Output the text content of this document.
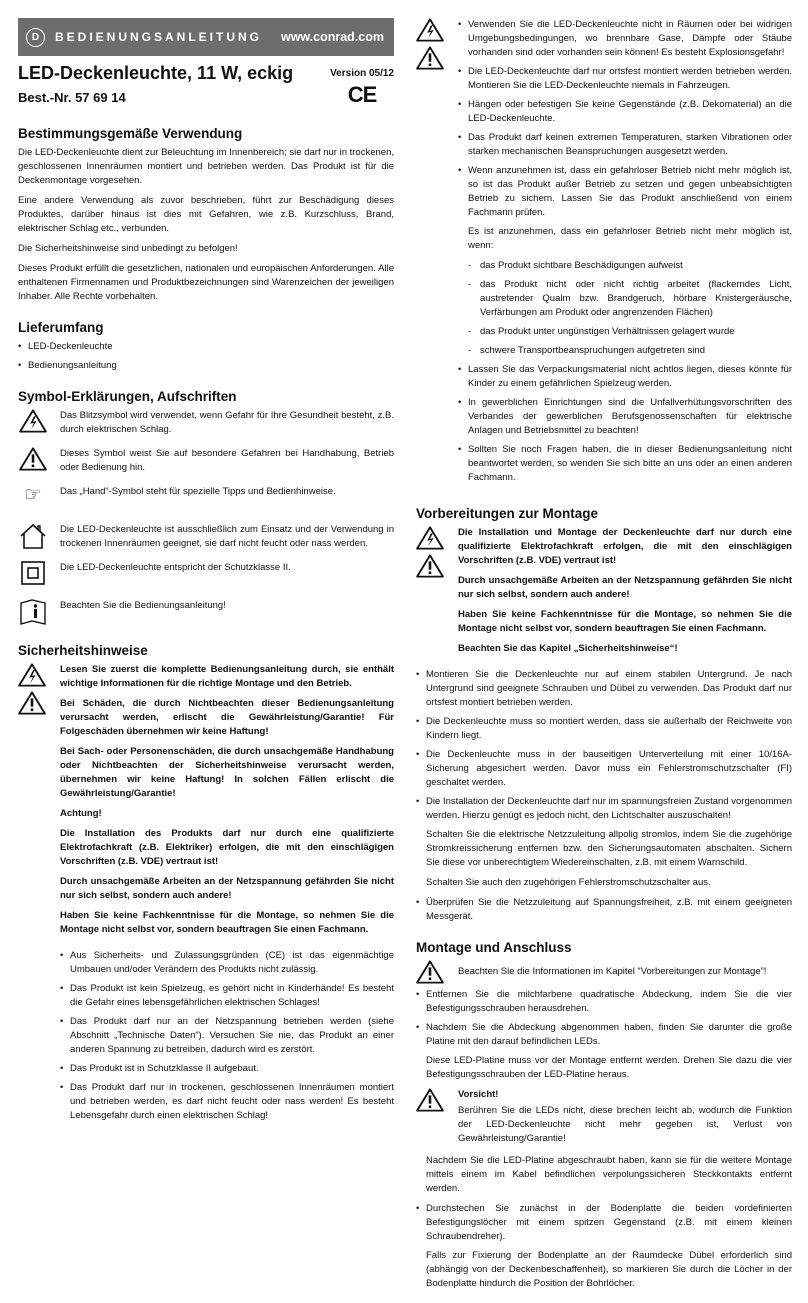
D	BEDIENUNGSANLEITUNG	www.conrad.com

LED-Deckenleuchte, 11 W, eckig

Best.-Nr. 57 69 14

Version 05/12
CE
Bestimmungsgemäße Verwendung

Die LED-Deckenleuchte dient zur Beleuchtung im Innenbereich; sie darf nur in trockenen, geschlossenen Innenräumen montiert und betrieben werden. Das Produkt ist für die Deckenmontage vorgesehen.

Eine andere Verwendung als zuvor beschrieben, führt zur Beschädigung dieses Produktes, darüber hinaus ist dies mit Gefahren, wie z.B. Kurzschluss, Brand, elektrischer Schlag etc., verbunden.

Die Sicherheitshinweise sind unbedingt zu befolgen!

Dieses Produkt erfüllt die gesetzlichen, nationalen und europäischen Anforderungen. Alle enthaltenen Firmennamen und Produktbezeichnungen sind Warenzeichen der jeweiligen Inhaber. Alle Rechte vorbehalten.

Lieferumfang
• LED-Deckenleuchte
• Bedienungsanleitung
Symbol-Erklärungen, Aufschriften

Das Blitzsymbol wird verwendet, wenn Gefahr für Ihre Gesundheit besteht, z.B. durch elektrischen Schlag.

Dieses Symbol weist Sie auf besondere Gefahren bei Handhabung, Betrieb oder Bedienung hin.

☞	Das „Hand“-Symbol steht für spezielle Tipps und Bedienhinweise.

Die LED-Deckenleuchte ist ausschließlich zum Einsatz und der Verwendung in trockenen Innenräumen geeignet, sie darf nicht feucht oder nass werden.

Die LED-Deckenleuchte entspricht der Schutzklasse II.

Beachten Sie die Bedienungsanleitung!

Sicherheitshinweise

Lesen Sie zuerst die komplette Bedienungsanleitung durch, sie enthält wichtige Informationen für die richtige Montage und den Betrieb.

Bei Schäden, die durch Nichtbeachten dieser Bedienungsanleitung verursacht werden, erlischt die Gewährleistung/Garantie! Für Folgeschäden übernehmen wir keine Haftung!

Bei Sach- oder Personenschäden, die durch unsachgemäße Handhabung oder Nichtbeachten der Sicherheitshinweise verursacht werden, übernehmen wir keine Haftung! In solchen Fällen erlischt die Gewährleistung/Garantie!

Achtung!

Die Installation des Produkts darf nur durch eine qualifizierte Elektrofachkraft (z.B. Elektriker) erfolgen, die mit den einschlägigen Vorschriften (z.B. VDE) vertraut ist!

Durch unsachgemäße Arbeiten an der Netzspannung gefährden Sie nicht nur sich selbst, sondern auch andere!

Haben Sie keine Fachkenntnisse für die Montage, so nehmen Sie die Montage nicht selbst vor, sondern beauftragen Sie einen Fachmann.

• Aus Sicherheits- und Zulassungsgründen (CE) ist das eigenmächtige Umbauen und/oder Verändern des Produkts nicht zulässig.
• Das Produkt ist kein Spielzeug, es gehört nicht in Kinderhände! Es besteht die Gefahr eines lebensgefährlichen elektrischen Schlages!
• Das Produkt darf nur an der Netzspannung betrieben werden (siehe Abschnitt „Technische Daten“). Versuchen Sie nie, das Produkt an einer anderen Spannung zu betreiben, dadurch wird es zerstört.
• Das Produkt ist in Schutzklasse II aufgebaut.
• Das Produkt darf nur in trockenen, geschlossenen Innenräumen montiert und betrieben werden, es darf nicht feucht oder nass werden! Es besteht Lebensgefahr durch einen elektrischen Schlag!
• Verwenden Sie die LED-Deckenleuchte nicht in Räumen oder bei widrigen Umgebungsbedingungen, wo brennbare Gase, Dämpfe oder Stäube vorhanden sind oder vorhanden sein können! Es besteht Explosionsgefahr!
• Die LED-Deckenleuchte darf nur ortsfest montiert werden betrieben werden. Montieren Sie die LED-Deckenleuchte niemals in Fahrzeugen.
• Hängen oder befestigen Sie keine Gegenstände (z.B. Dekomaterial) an die LED-Deckenleuchte.
• Das Produkt darf keinen extremen Temperaturen, starken Vibrationen oder starken mechanischen Beanspruchungen ausgesetzt werden.
• Wenn anzunehmen ist, dass ein gefahrloser Betrieb nicht mehr möglich ist, so ist das Produkt außer Betrieb zu setzen und gegen unbeabsichtigten Betrieb zu sichern. Lassen Sie das Produkt anschließend von einem Fachmann prüfen.

Es ist anzunehmen, dass ein gefahrloser Betrieb nicht mehr möglich ist, wenn:

- das Produkt sichtbare Beschädigungen aufweist
- das Produkt nicht oder nicht richtig arbeitet (flackerndes Licht, austretender Qualm bzw. Brandgeruch, hörbare Knistergeräusche, Verfärbungen am Produkt oder angrenzenden Flächen)
- das Produkt unter ungünstigen Verhältnissen gelagert wurde
- schwere Transportbeanspruchungen aufgetreten sind
• Lassen Sie das Verpackungsmaterial nicht achtlos liegen, dieses könnte für Kinder zu einem gefährlichen Spielzeug werden.
• In gewerblichen Einrichtungen sind die Unfallverhütungsvorschriften des Verbandes der gewerblichen Berufsgenossenschaften für elektrische Anlagen und Betriebsmittel zu beachten!
• Sollten Sie noch Fragen haben, die in dieser Bedienungsanleitung nicht beantwortet werden, so wenden Sie sich bitte an uns oder an einen anderen Fachmann.
Vorbereitungen zur Montage

Die Installation und Montage der Deckenleuchte darf nur durch eine qualifizierte Elektrofachkraft erfolgen, die mit den einschlägigen Vorschriften (z.B. VDE) vertraut ist!

Durch unsachgemäße Arbeiten an der Netzspannung gefährden Sie nicht nur sich selbst, sondern auch andere!

Haben Sie keine Fachkenntnisse für die Montage, so nehmen Sie die Montage nicht selbst vor, sondern beauftragen Sie einen Fachmann.

Beachten Sie das Kapitel „Sicherheitshinweise“!

• Montieren Sie die Deckenleuchte nur auf einem stabilen Untergrund. Je nach Untergrund sind geeignete Schrauben und Dübel zu verwenden. Das Produkt darf nur ortsfest montiert betrieben werden.
• Die Deckenleuchte muss so montiert werden, dass sie außerhalb der Reichweite von Kindern liegt.
• Die Deckenleuchte muss in der bauseitigen Unterverteilung mit einer 10/16A-Sicherung abgesichert werden. Davor muss ein Fehlerstromschutzschalter (FI) geschaltet werden.
• Die Installation der Deckenleuchte darf nur im spannungsfreien Zustand vorgenommen werden. Hierzu genügt es jedoch nicht, den Lichtschalter auszuschalten!

Schalten Sie die elektrische Netzzuleitung allpolig stromlos, indem Sie die zugehörige Stromkreissicherung entfernen bzw. den Sicherungsautomaten abschalten. Sichern Sie diese vor unberechtigtem Wiedereinschalten, z.B. mit einem Warnschild.

Schalten Sie auch den zugehörigen Fehlerstromschutzschalter aus.

• Überprüfen Sie die Netzzuleitung auf Spannungsfreiheit, z.B. mit einem geeigneten Messgerät.
Montage und Anschluss

Beachten Sie die Informationen im Kapitel “Vorbereitungen zur Montage”!

• Entfernen Sie die milchfarbene quadratische Abdeckung, indem Sie die vier Befestigungsschrauben herausdrehen.
• Nachdem Sie die Abdeckung abgenommen haben, finden Sie darunter die große Platine mit den darauf befindlichen LEDs.

Diese LED-Platine muss vor der Montage entfernt werden. Drehen Sie dazu die vier Befestigungsschrauben der LED-Platine heraus.

Vorsicht!

Berühren Sie die LEDs nicht, diese brechen leicht ab, wodurch die Funktion der LED-Deckenleuchte nicht mehr gegeben ist, Verlust von Gewährleistung/Garantie!

Nachdem Sie die LED-Platine abgeschraubt haben, kann sie für die weitere Montage mittels einem im Kabel befindlichen verpolungssicheren Steckkontakts entfernt werden.

• Durchstechen Sie zunächst in der Bodenplatte die beiden vordefinierten Befestigungslöcher mit einem spitzen Gegenstand (z.B. mit einem kleinen Schraubendreher).

Falls zur Fixierung der Bodenplatte an der Raumdecke Dübel erforderlich sind (abhängig von der Deckenbeschaffenheit), so markieren Sie durch die Löcher in der Bodenplatte hindurch die Position der Bohrlöcher.
